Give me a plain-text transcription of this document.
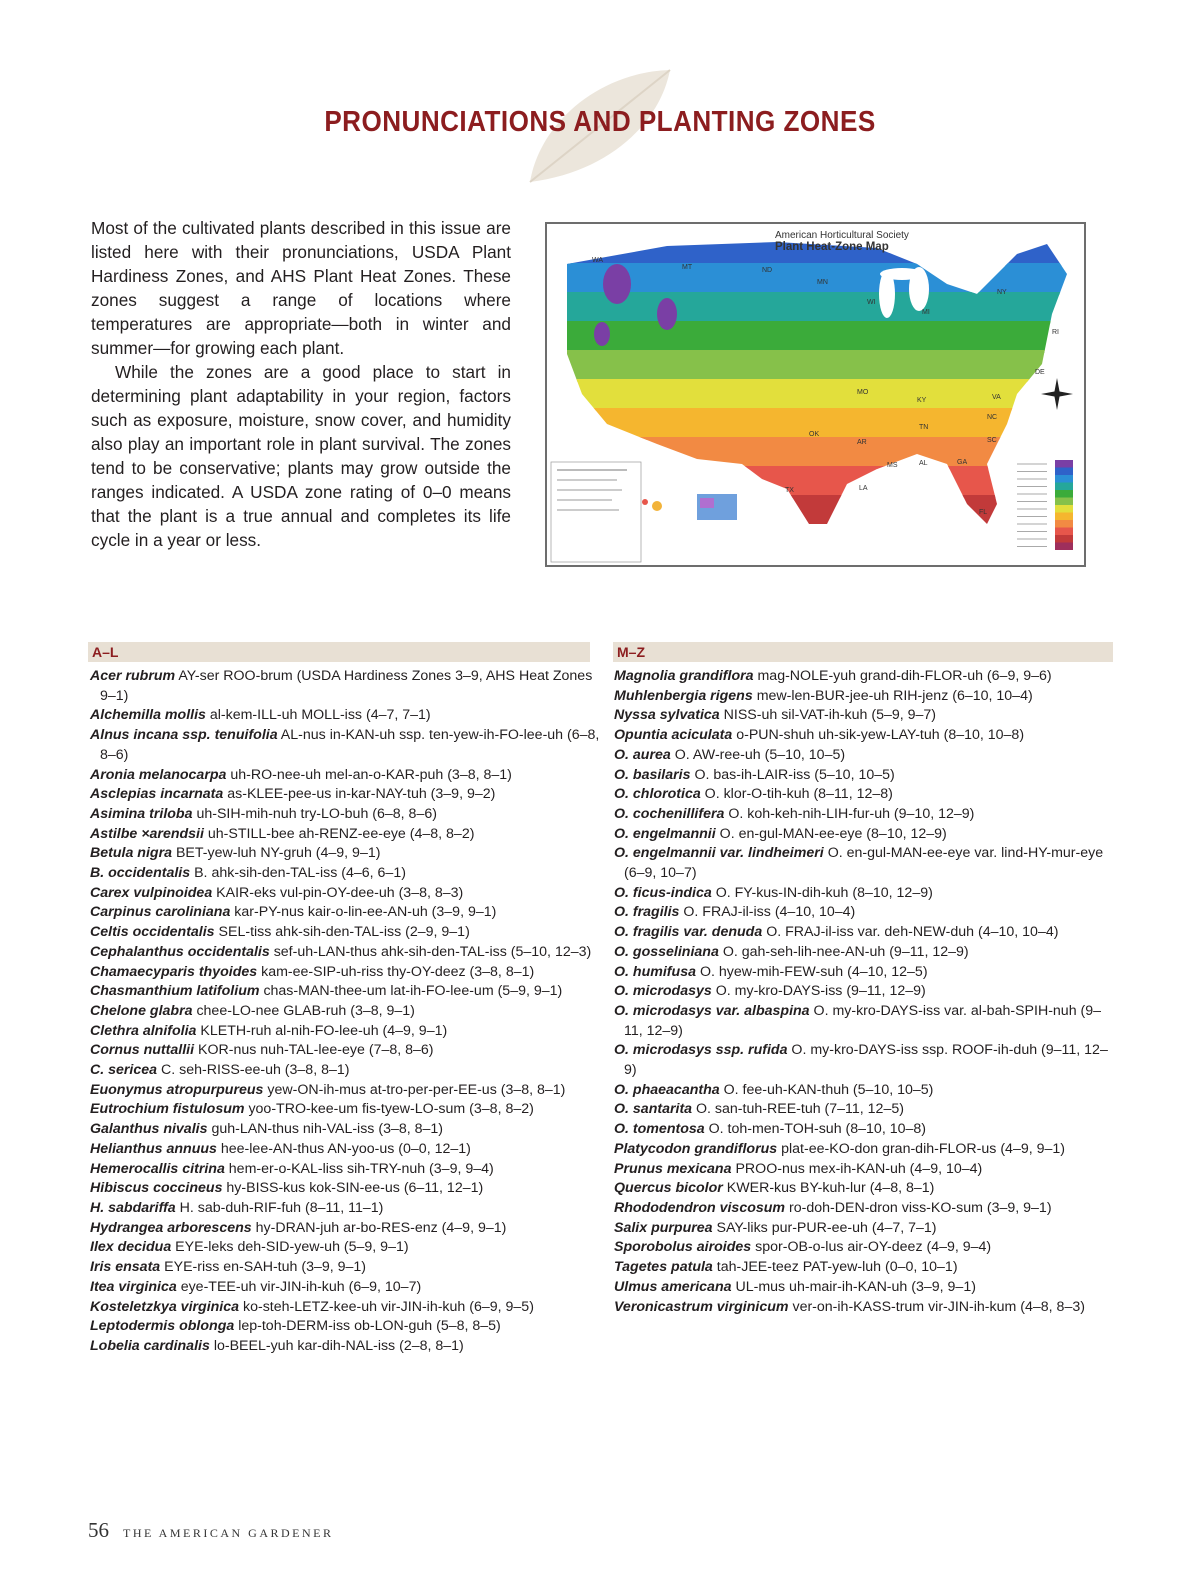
PRONUNCIATIONS AND PLANTING ZONES

Most of the cultivated plants described in this issue are listed here with their pronunciations, USDA Plant Hardiness Zones, and AHS Plant Heat Zones. These zones suggest a range of locations where temperatures are appropriate—both in winter and summer—for growing each plant.

While the zones are a good place to start in determining plant adaptability in your region, factors such as exposure, moisture, snow cover, and humidity also play an important role in plant survival. The zones tend to be conservative; plants may grow outside the ranges indicated. A USDA zone rating of 0–0 means that the plant is a true annual and completes its life cycle in a year or less.

WA
MT	ND
MN
WI
MI
NY
RI
DE
MO
KY
NC
VA
OK
AR
TN
SC
MS	AL	GA
LA
TX
FL
American Horticultural Society
Plant Heat-Zone Map
A–L	M–Z
Acer rubrum AY-ser ROO-brum (USDA Hardiness Zones 3–9, AHS Heat Zones 9–1)
Alchemilla mollis al-kem-ILL-uh MOLL-iss (4–7, 7–1)
Alnus incana ssp. tenuifolia AL-nus in-KAN-uh ssp. ten-yew-ih-FO-lee-uh (6–8, 8–6)
Aronia melanocarpa uh-RO-nee-uh mel-an-o-KAR-puh (3–8, 8–1)
Asclepias incarnata as-KLEE-pee-us in-kar-NAY-tuh (3–9, 9–2)
Asimina triloba uh-SIH-mih-nuh try-LO-buh (6–8, 8–6)
Astilbe ×arendsii uh-STILL-bee ah-RENZ-ee-eye (4–8, 8–2)
Betula nigra BET-yew-luh NY-gruh (4–9, 9–1)
B. occidentalis B. ahk-sih-den-TAL-iss (4–6, 6–1)
Carex vulpinoidea KAIR-eks vul-pin-OY-dee-uh (3–8, 8–3)
Carpinus caroliniana kar-PY-nus kair-o-lin-ee-AN-uh (3–9, 9–1)
Celtis occidentalis SEL-tiss ahk-sih-den-TAL-iss (2–9, 9–1)
Cephalanthus occidentalis sef-uh-LAN-thus ahk-sih-den-TAL-iss (5–10, 12–3)
Chamaecyparis thyoides kam-ee-SIP-uh-riss thy-OY-deez (3–8, 8–1)
Chasmanthium latifolium chas-MAN-thee-um lat-ih-FO-lee-um (5–9, 9–1)
Chelone glabra chee-LO-nee GLAB-ruh (3–8, 9–1)
Clethra alnifolia KLETH-ruh al-nih-FO-lee-uh (4–9, 9–1)
Cornus nuttallii KOR-nus nuh-TAL-lee-eye (7–8, 8–6)
C. sericea C. seh-RISS-ee-uh (3–8, 8–1)
Euonymus atropurpureus yew-ON-ih-mus at-tro-per-per-EE-us (3–8, 8–1)
Eutrochium fistulosum yoo-TRO-kee-um fis-tyew-LO-sum (3–8, 8–2)
Galanthus nivalis guh-LAN-thus nih-VAL-iss (3–8, 8–1)
Helianthus annuus hee-lee-AN-thus AN-yoo-us (0–0, 12–1)
Hemerocallis citrina hem-er-o-KAL-liss sih-TRY-nuh (3–9, 9–4)
Hibiscus coccineus hy-BISS-kus kok-SIN-ee-us (6–11, 12–1)
H. sabdariffa H. sab-duh-RIF-fuh (8–11, 11–1)
Hydrangea arborescens hy-DRAN-juh ar-bo-RES-enz (4–9, 9–1)
Ilex decidua EYE-leks deh-SID-yew-uh (5–9, 9–1)
Iris ensata EYE-riss en-SAH-tuh (3–9, 9–1)
Itea virginica eye-TEE-uh vir-JIN-ih-kuh (6–9, 10–7)
Kosteletzkya virginica ko-steh-LETZ-kee-uh vir-JIN-ih-kuh (6–9, 9–5)
Leptodermis oblonga lep-toh-DERM-iss ob-LON-guh (5–8, 8–5)
Lobelia cardinalis lo-BEEL-yuh kar-dih-NAL-iss (2–8, 8–1)
Magnolia grandiflora mag-NOLE-yuh grand-dih-FLOR-uh (6–9, 9–6)
Muhlenbergia rigens mew-len-BUR-jee-uh RIH-jenz (6–10, 10–4)
Nyssa sylvatica NISS-uh sil-VAT-ih-kuh (5–9, 9–7)
Opuntia aciculata o-PUN-shuh uh-sik-yew-LAY-tuh (8–10, 10–8)
O. aurea O. AW-ree-uh (5–10, 10–5)
O. basilaris O. bas-ih-LAIR-iss (5–10, 10–5)
O. chlorotica O. klor-O-tih-kuh (8–11, 12–8)
O. cochenillifera O. koh-keh-nih-LIH-fur-uh (9–10, 12–9)
O. engelmannii O. en-gul-MAN-ee-eye (8–10, 12–9)
O. engelmannii var. lindheimeri O. en-gul-MAN-ee-eye var. lind-HY-mur-eye (6–9, 10–7)
O. ficus-indica O. FY-kus-IN-dih-kuh (8–10, 12–9)
O. fragilis O. FRAJ-il-iss (4–10, 10–4)
O. fragilis var. denuda O. FRAJ-il-iss var. deh-NEW-duh (4–10, 10–4)
O. gosseliniana O. gah-seh-lih-nee-AN-uh (9–11, 12–9)
O. humifusa O. hyew-mih-FEW-suh (4–10, 12–5)
O. microdasys O. my-kro-DAYS-iss (9–11, 12–9)
O. microdasys var. albaspina O. my-kro-DAYS-iss var. al-bah-SPIH-nuh (9–11, 12–9)
O. microdasys ssp. rufida O. my-kro-DAYS-iss ssp. ROOF-ih-duh (9–11, 12–9)
O. phaeacantha O. fee-uh-KAN-thuh (5–10, 10–5)
O. santarita O. san-tuh-REE-tuh (7–11, 12–5)
O. tomentosa O. toh-men-TOH-suh (8–10, 10–8)
Platycodon grandiflorus plat-ee-KO-don gran-dih-FLOR-us (4–9, 9–1)
Prunus mexicana PROO-nus mex-ih-KAN-uh (4–9, 10–4)
Quercus bicolor KWER-kus BY-kuh-lur (4–8, 8–1)
Rhododendron viscosum ro-doh-DEN-dron viss-KO-sum (3–9, 9–1)
Salix purpurea SAY-liks pur-PUR-ee-uh (4–7, 7–1)
Sporobolus airoides spor-OB-o-lus air-OY-deez (4–9, 9–4)
Tagetes patula tah-JEE-teez PAT-yew-luh (0–0, 10–1)
Ulmus americana UL-mus uh-mair-ih-KAN-uh (3–9, 9–1)
Veronicastrum virginicum ver-on-ih-KASS-trum vir-JIN-ih-kum (4–8, 8–3)
56 THE AMERICAN GARDENER
